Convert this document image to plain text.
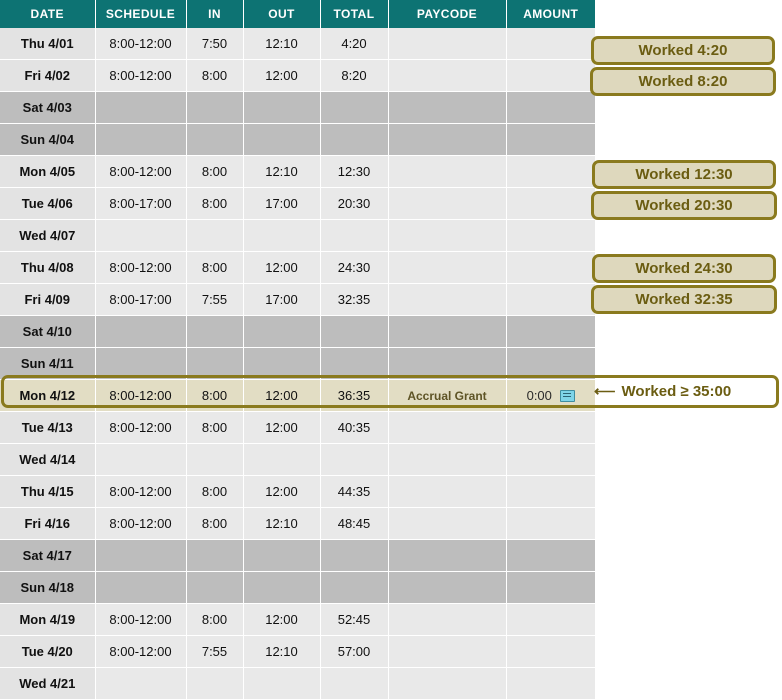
DATE	SCHEDULE	IN	OUT	TOTAL	PAYCODE	AMOUNT
Thu 4/01	8:00-12:00	7:50	12:10	4:20		

Fri 4/02	8:00-12:00	8:00	12:00	8:20		

Sat 4/03						

Sun 4/04						

Mon 4/05	8:00-12:00	8:00	12:10	12:30		

Tue 4/06	8:00-17:00	8:00	17:00	20:30		

Wed 4/07						

Thu 4/08	8:00-12:00	8:00	12:00	24:30		

Fri 4/09	8:00-17:00	7:55	17:00	32:35		

Sat 4/10						

Sun 4/11						

Mon 4/12	8:00-12:00	8:00	12:00	36:35	Accrual Grant	0:00

Tue 4/13	8:00-12:00	8:00	12:00	40:35		

Wed 4/14						

Thu 4/15	8:00-12:00	8:00	12:00	44:35		

Fri 4/16	8:00-12:00	8:00	12:10	48:45		

Sat 4/17						

Sun 4/18						

Mon 4/19	8:00-12:00	8:00	12:00	52:45		

Tue 4/20	8:00-12:00	7:55	12:10	57:00		

Wed 4/21						
Worked 4:20
Worked 8:20
Worked 12:30
Worked 20:30
Worked 24:30
Worked 32:35
⟵ Worked ≥ 35:00
